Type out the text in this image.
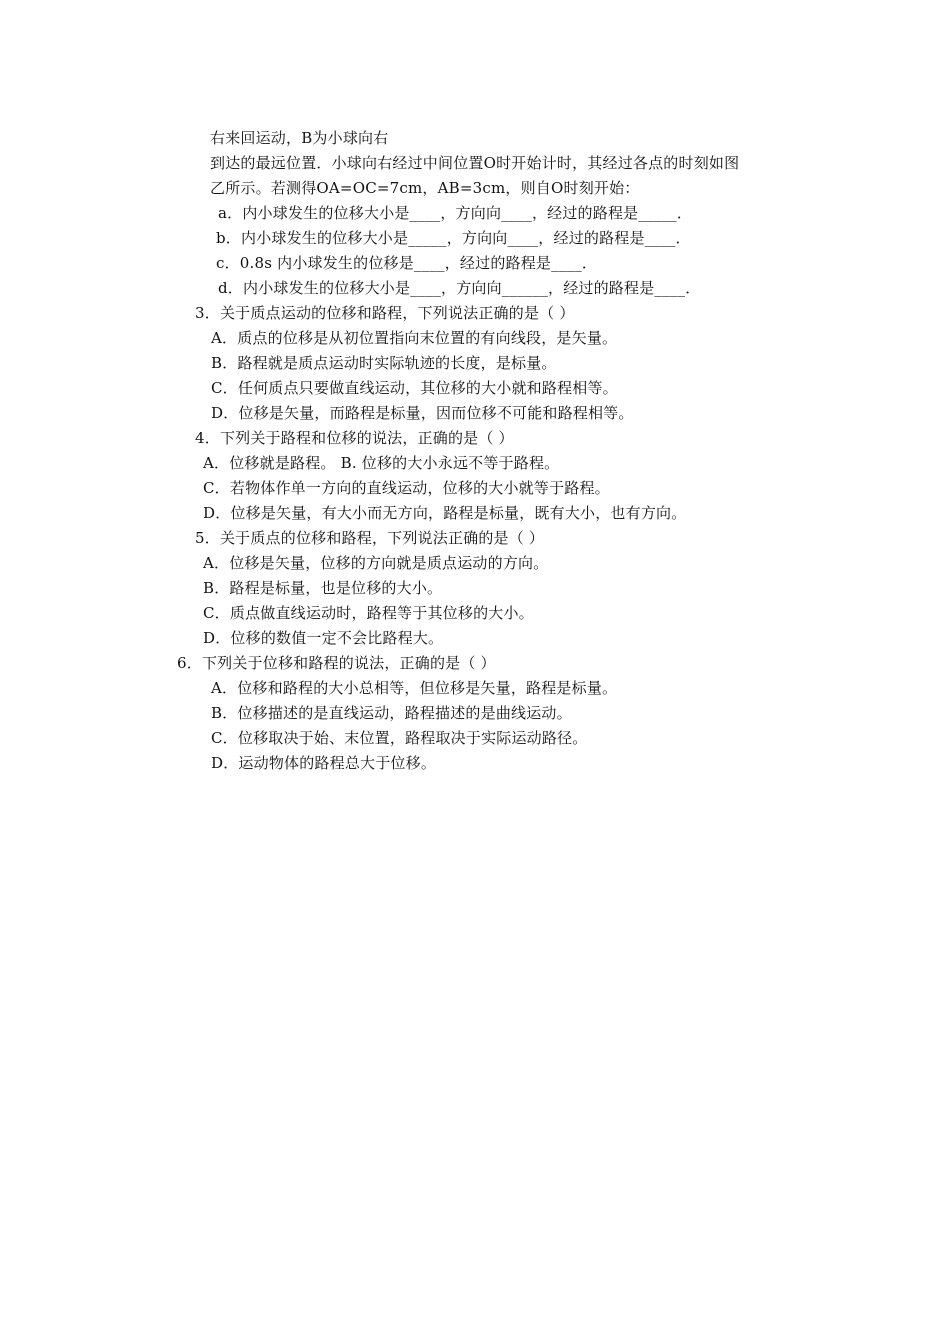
右来回运动，B为小球向右
到达的最远位置．小球向右经过中间位置O时开始计时，其经过各点的时刻如图
乙所示。若测得OA=OC=7cm，AB=3cm，则自O时刻开始：
a．内小球发生的位移大小是____，方向向____，经过的路程是_____．
b．内小球发生的位移大小是_____，方向向____，经过的路程是____．
c．0.8s 内小球发生的位移是____，经过的路程是____．
d．内小球发生的位移大小是____，方向向______，经过的路程是____．
3．关于质点运动的位移和路程，下列说法正确的是（ ）
A．质点的位移是从初位置指向末位置的有向线段，是矢量。
B．路程就是质点运动时实际轨迹的长度，是标量。
C．任何质点只要做直线运动，其位移的大小就和路程相等。
D．位移是矢量，而路程是标量，因而位移不可能和路程相等。
4．下列关于路程和位移的说法，正确的是（ ）
A．位移就是路程。 B. 位移的大小永远不等于路程。
C．若物体作单一方向的直线运动，位移的大小就等于路程。
D．位移是矢量，有大小而无方向，路程是标量，既有大小，也有方向。
5．关于质点的位移和路程，下列说法正确的是（ ）
A．位移是矢量，位移的方向就是质点运动的方向。
B．路程是标量，也是位移的大小。
C．质点做直线运动时，路程等于其位移的大小。
D．位移的数值一定不会比路程大。
6．下列关于位移和路程的说法，正确的是（ ）
A．位移和路程的大小总相等，但位移是矢量，路程是标量。
B．位移描述的是直线运动，路程描述的是曲线运动。
C．位移取决于始、末位置，路程取决于实际运动路径。
D．运动物体的路程总大于位移。
